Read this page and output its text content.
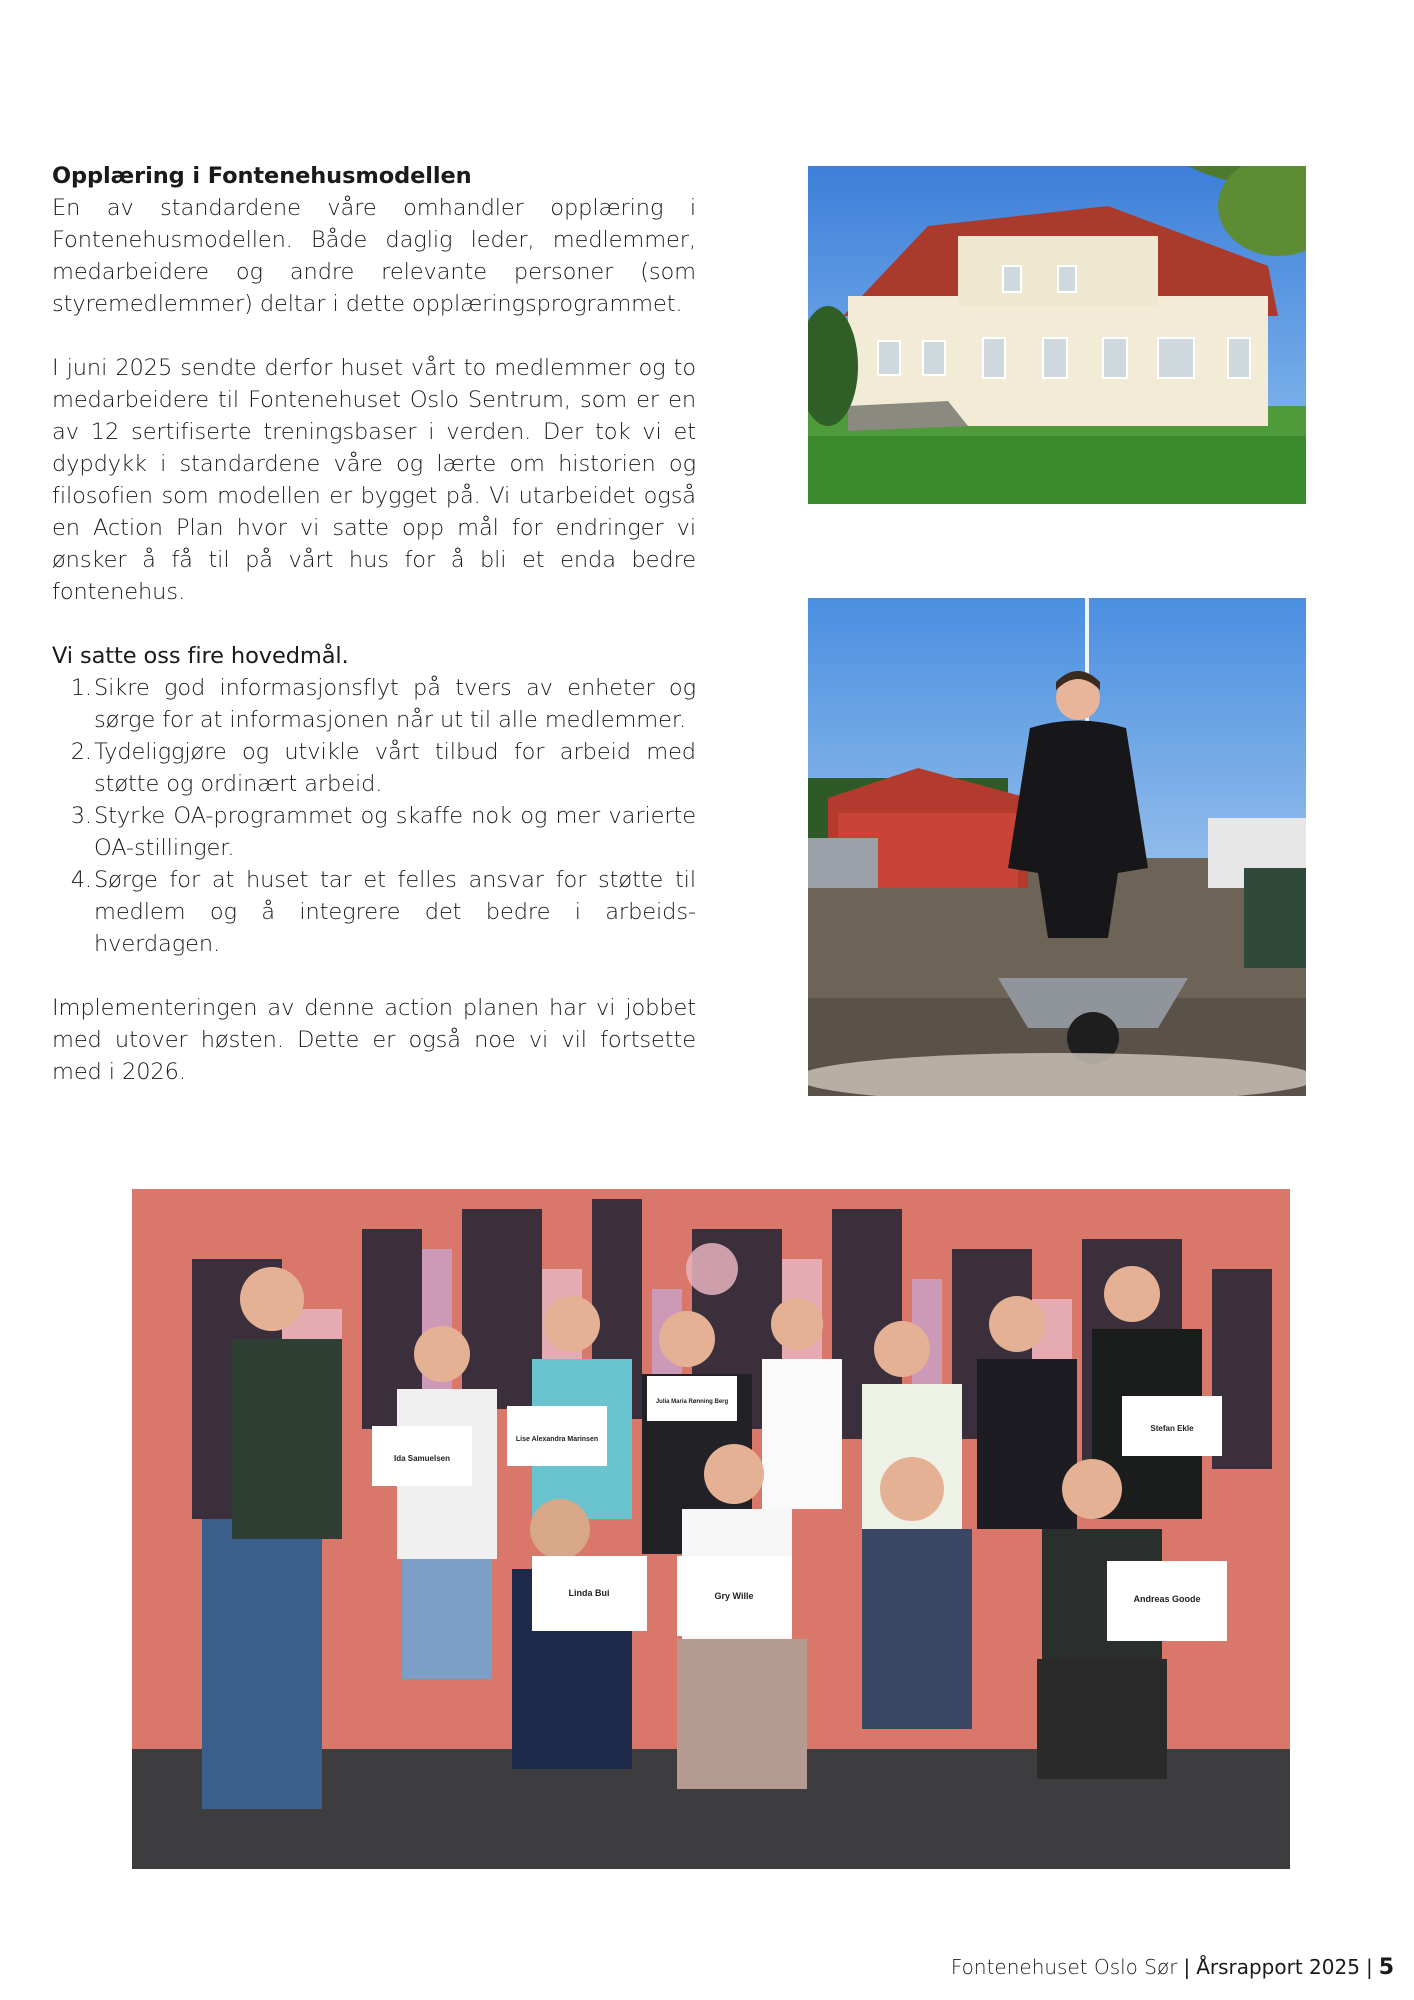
Opplæring i Fontenehusmodellen

En av standardene våre omhandler opplæring i Fontenehusmodellen. Både daglig leder, medlemmer, medarbeidere og andre relevante personer (som styremedlemmer) deltar i dette opplæringsprogrammet.

I juni 2025 sendte derfor huset vårt to medlemmer og to medarbeidere til Fontenehuset Oslo Sentrum, som er en av 12 sertifiserte treningsbaser i verden. Der tok vi et dypdykk i standardene våre og lærte om historien og filosofien som modellen er bygget på. Vi utarbeidet også en Action Plan hvor vi satte opp mål for endringer vi ønsker å få til på vårt hus for å bli et enda bedre fontenehus.

Vi satte oss fire hovedmål.

1. Sikre god informasjonsflyt på tvers av enheter og sørge for at informasjonen når ut til alle medlemmer.
2. Tydeliggjøre og utvikle vårt tilbud for arbeid med støtte og ordinært arbeid.
3. Styrke OA-programmet og skaffe nok og mer varierte OA-stillinger.
4. Sørge for at huset tar et felles ansvar for støtte til medlem og å integrere det bedre i arbeids-hverdagen.

Implementeringen av denne action planen har vi jobbet med utover høsten. Dette er også noe vi vil fortsette med i 2026.

Ida Samuelsen
Lise Alexandra Marinsen
Julia Maria Rønning Berg
Stefan Ekle
Linda Bui	Gry Wille	Andreas Goode
Fontenehuset Oslo Sør | Årsrapport 2025 | 5
